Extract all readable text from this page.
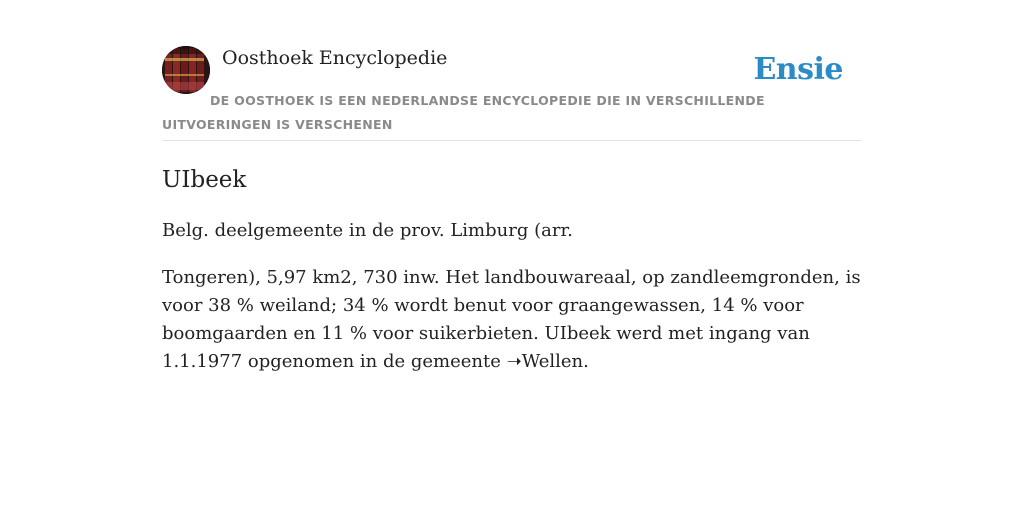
Oosthoek Encyclopedie	Ensie
DE OOSTHOEK IS EEN NEDERLANDSE ENCYCLOPEDIE DIE IN VERSCHILLENDE UITVOERINGEN IS VERSCHENEN
UIbeek

Belg. deelgemeente in de prov. Limburg (arr.

Tongeren), 5,97 km2, 730 inw. Het landbouwareaal, op zandleemgronden, is voor 38 % weiland; 34 % wordt benut voor graangewassen, 14 % voor boomgaarden en 11 % voor suikerbieten. UIbeek werd met ingang van 1.1.1977 opgenomen in de gemeente ➝Wellen.
